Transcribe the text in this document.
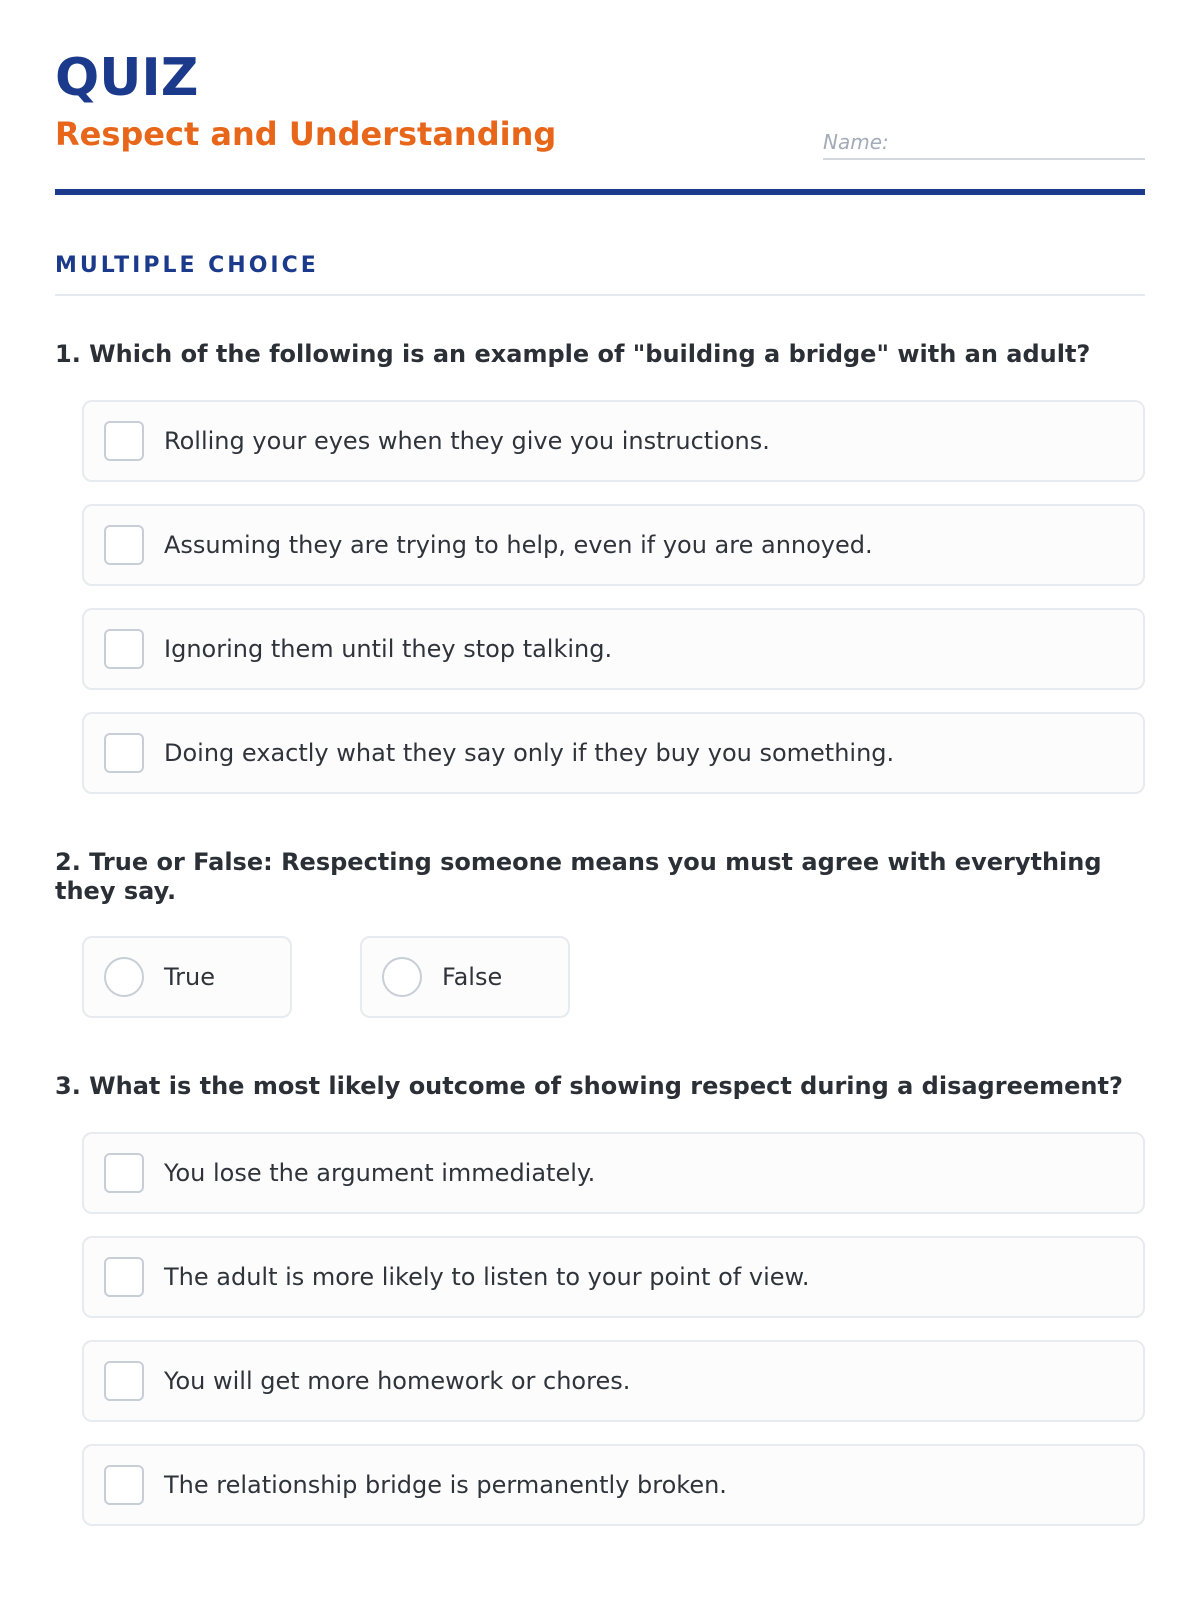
QUIZ
Respect and Understanding
Name:
MULTIPLE CHOICE

1. Which of the following is an example of "building a bridge" with an adult?

Rolling your eyes when they give you instructions.
Assuming they are trying to help, even if you are annoyed.
Ignoring them until they stop talking.
Doing exactly what they say only if they buy you something.

2. True or False: Respecting someone means you must agree with everything they say.

True	False

3. What is the most likely outcome of showing respect during a disagreement?

You lose the argument immediately.
The adult is more likely to listen to your point of view.
You will get more homework or chores.
The relationship bridge is permanently broken.
